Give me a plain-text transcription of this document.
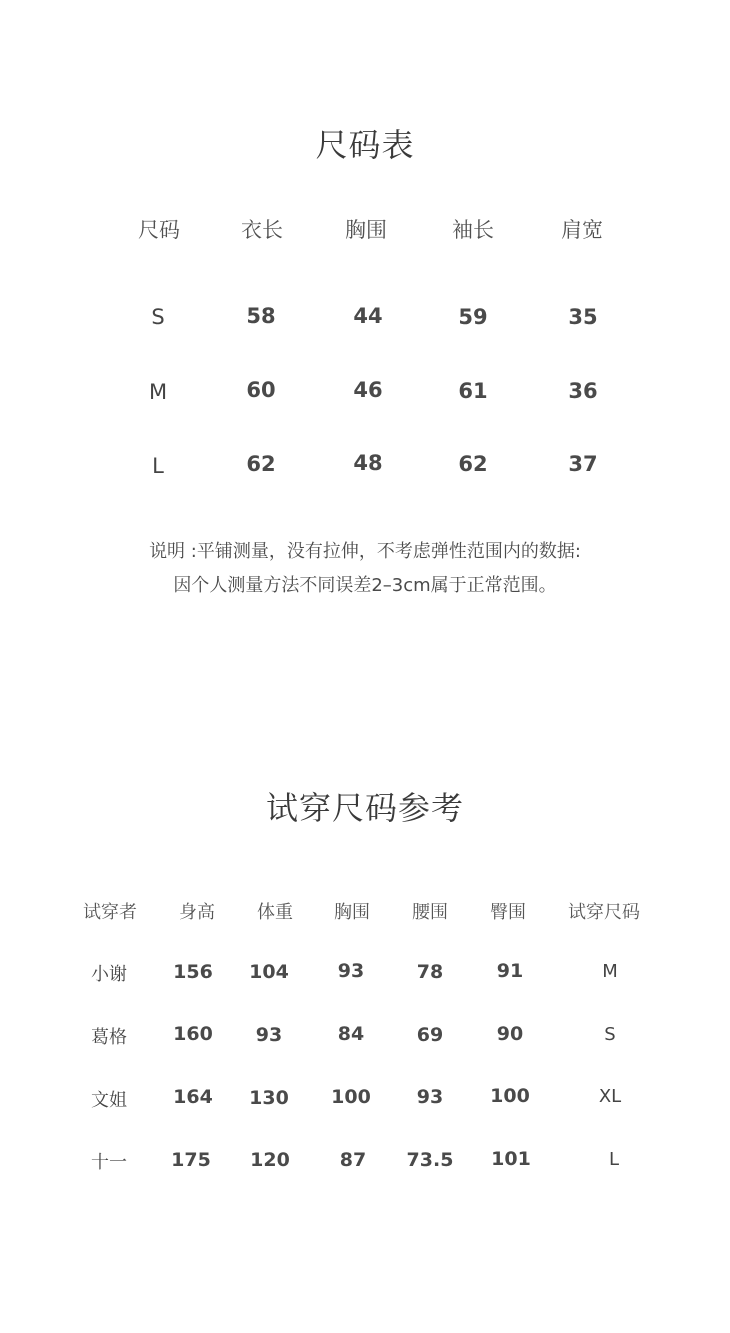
尺码表
尺码	衣长	胸围	袖长	肩宽
S	58	44	59	35
M	60	46	61	36
L	62	48	62	37
说明 :平铺测量，没有拉伸，不考虑弹性范围内的数据:
因个人测量方法不同误差2–3cm属于正常范围。
试穿尺码参考
试穿者 身高 体重 胸围 腰围 臀围 试穿尺码
小谢 156 104	93	78	91	M
葛格 160 93	84	69	90	S
文姐 164 130 100 93 100	XL
十一 175 120	87 73.5 101	L
